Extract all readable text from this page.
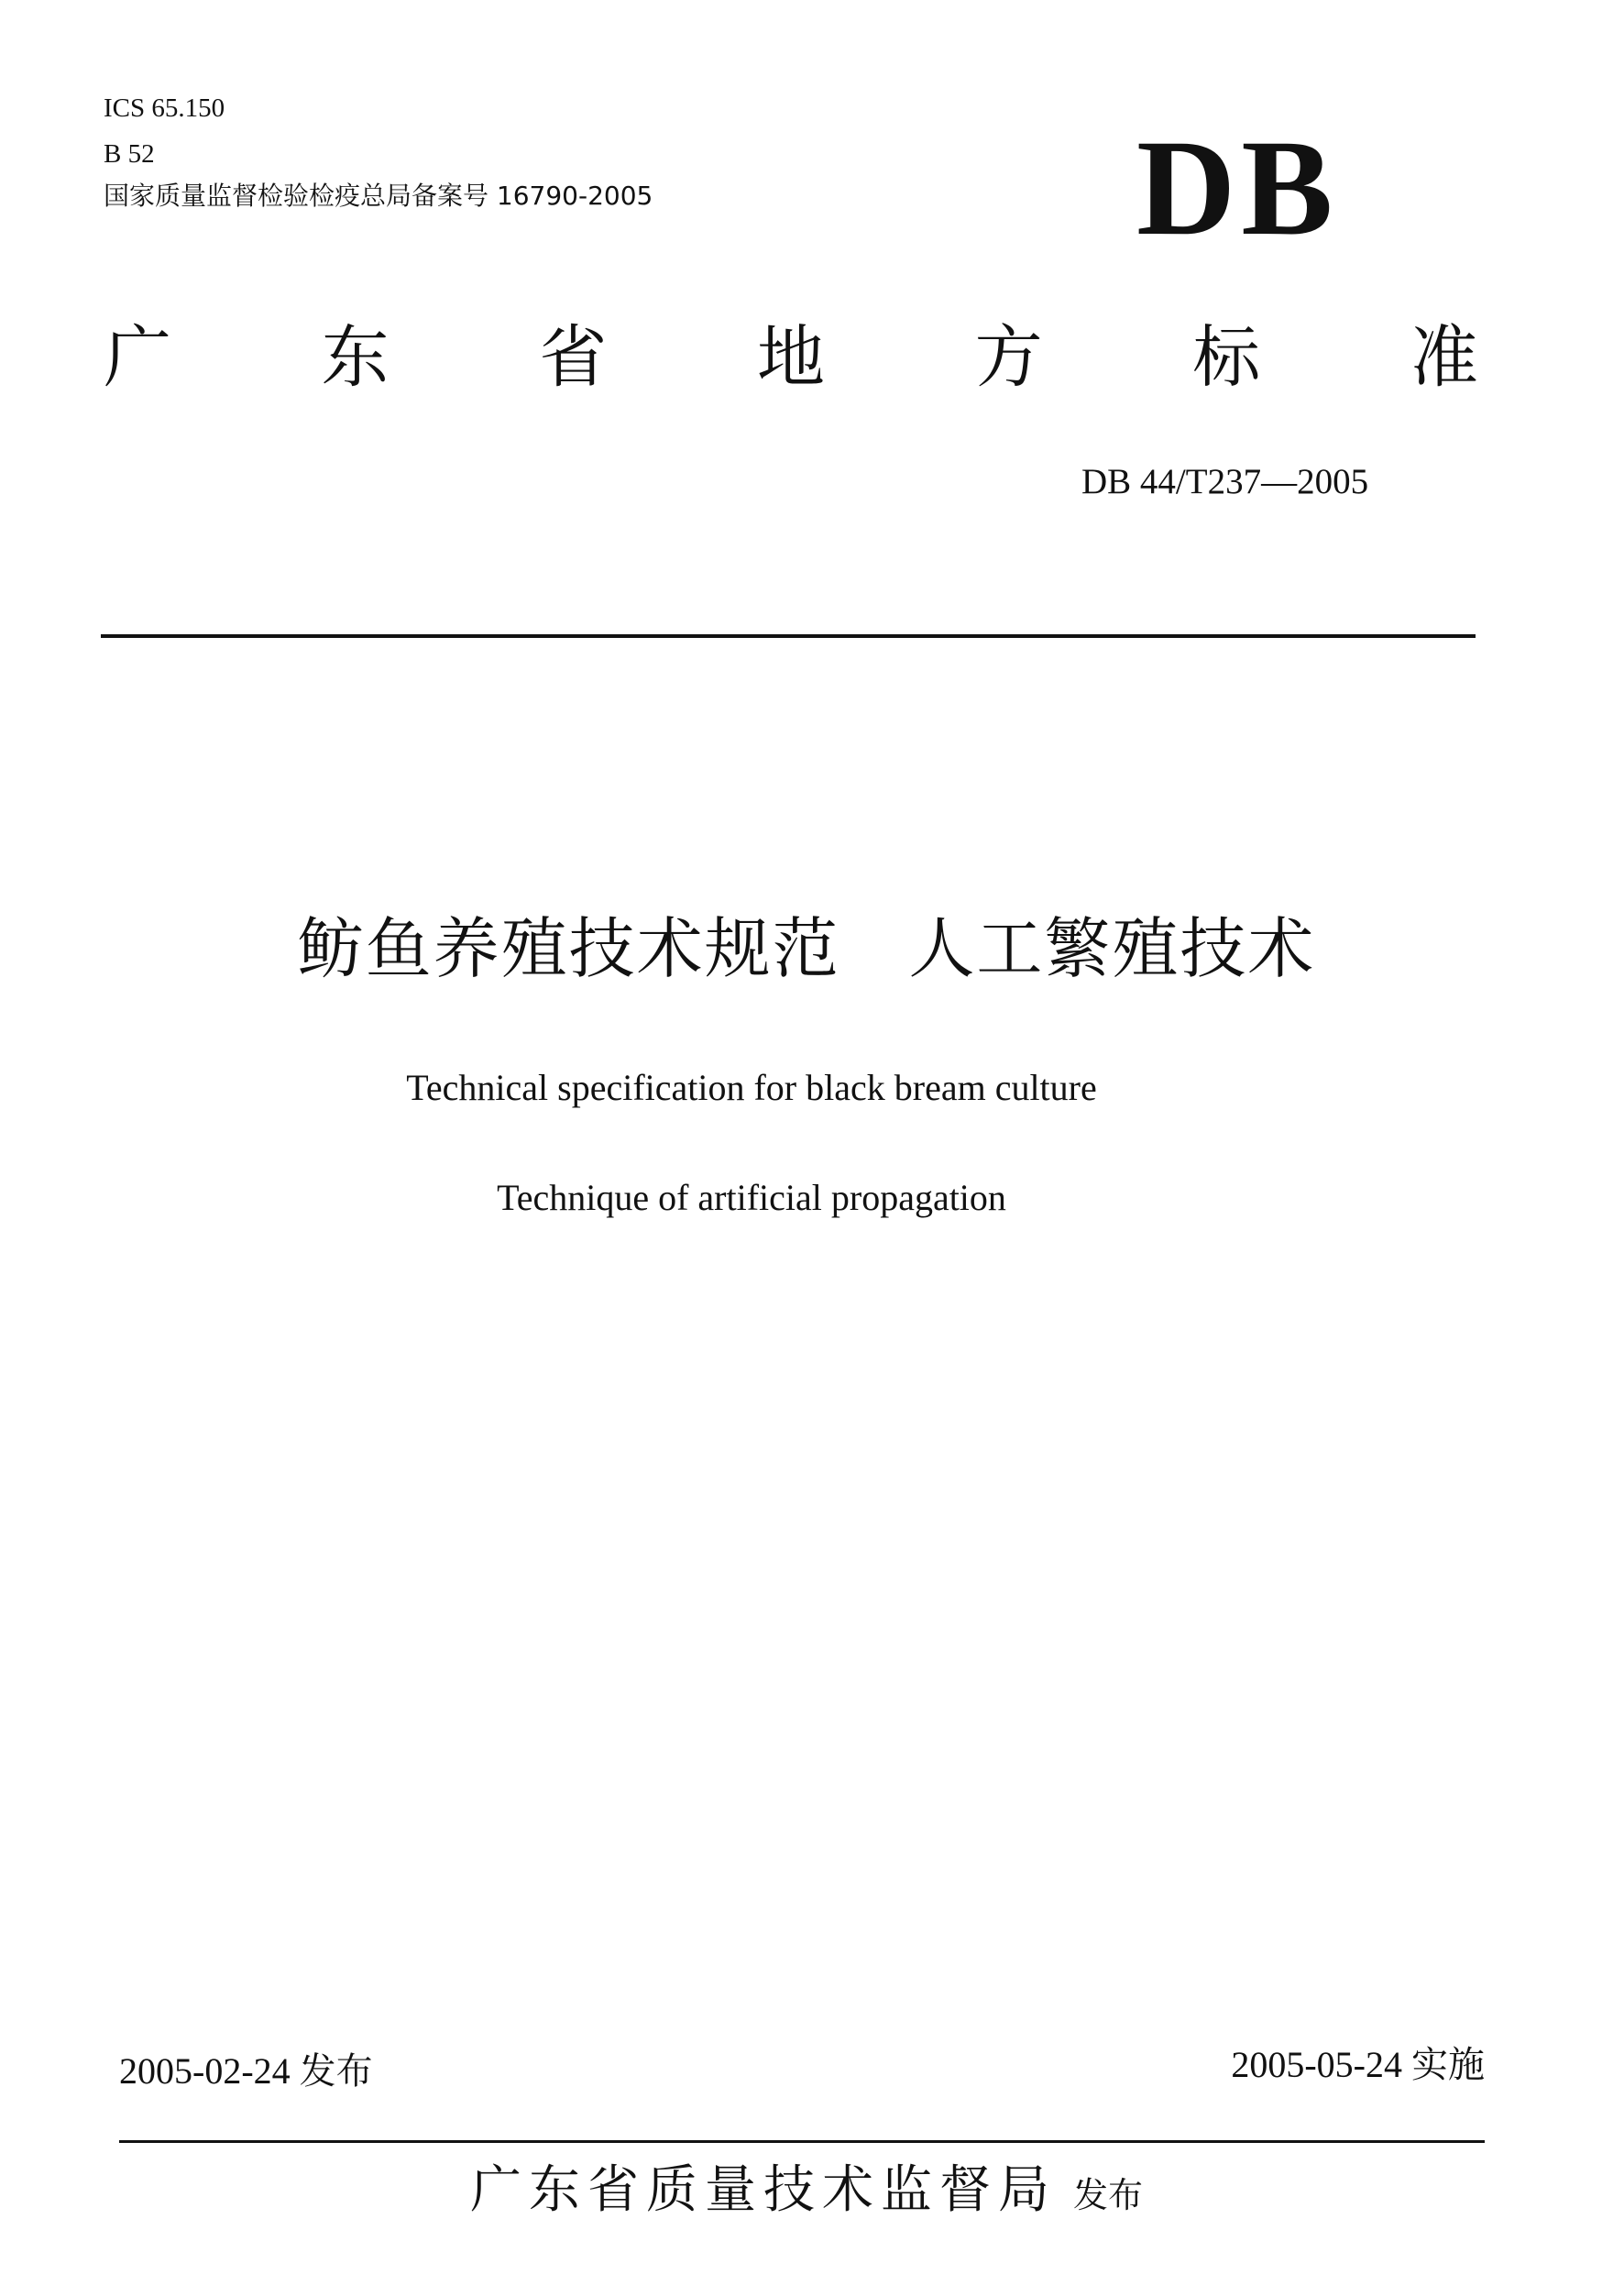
ICS 65.150
B 52
国家质量监督检验检疫总局备案号 16790-2005	DB
广 东 省 地 方 标 准
DB 44/T237—2005
鲂鱼养殖技术规范   人工繁殖技术
Technical specification for black bream culture
Technique of artificial propagation
2005-02-24 发布	2005-05-24 实施
广东省质量技术监督局 发布
